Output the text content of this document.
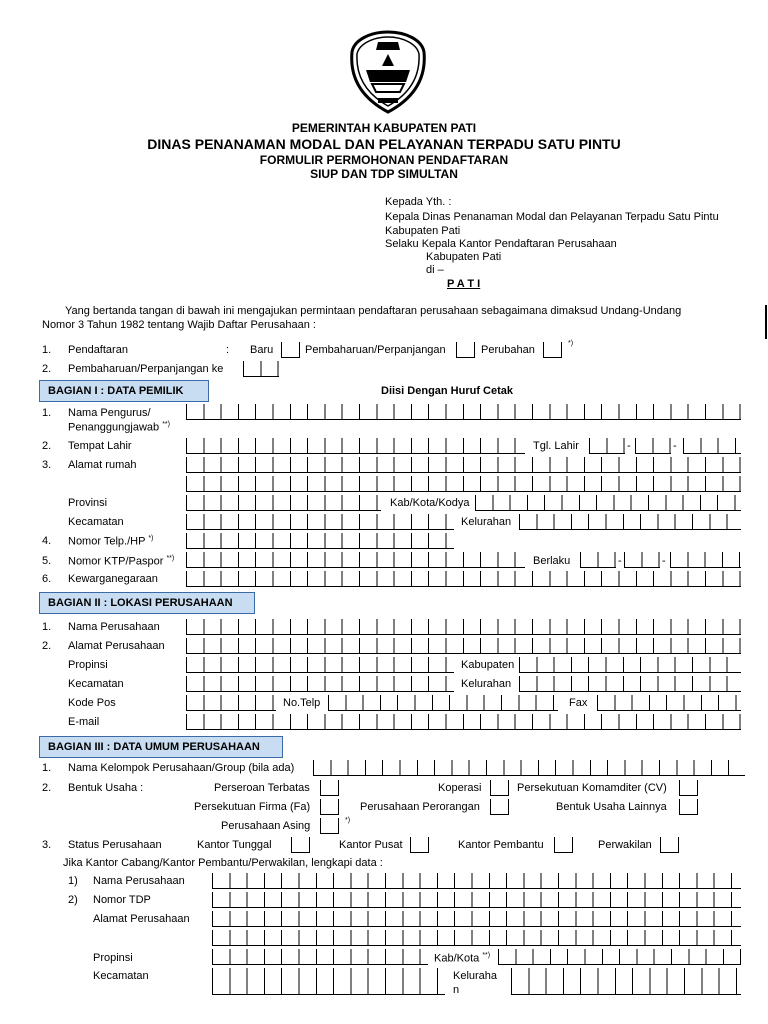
PEMERINTAH KABUPATEN PATI
DINAS PENANAMAN MODAL DAN PELAYANAN TERPADU SATU PINTU
FORMULIR PERMOHONAN PENDAFTARAN
SIUP DAN TDP SIMULTAN
Kepada Yth. :
Kepala Dinas Penanaman Modal dan Pelayanan Terpadu Satu Pintu
Kabupaten Pati
Selaku Kepala Kantor Pendaftaran Perusahaan
Kabupaten Pati
di –
P A T I
Yang bertanda tangan di bawah ini mengajukan permintaan pendaftaran perusahaan sebagaimana dimaksud Undang-Undang
Nomor 3 Tahun 1982 tentang Wajib Daftar Perusahaan :
1. Pendaftaran	: Baru	Pembaharuan/Perpanjangan	Perubahan
*)
2. Pembaharuan/Perpanjangan ke
BAGIAN I : DATA PEMILIK	Diisi Dengan Huruf Cetak
1. Nama Pengurus/
Penanggungjawab **)
2. Tempat Lahir	Tgl. Lahir	-	-
3. Alamat rumah
Provinsi	Kab/Kota/Kodya
Kecamatan	Kelurahan
4. Nomor Telp./HP *)
5. Nomor KTP/Paspor **)	Berlaku	-	-
6. Kewarganegaraan
BAGIAN II : LOKASI PERUSAHAAN
1. Nama Perusahaan
2. Alamat Perusahaan
Propinsi	Kabupaten
Kecamatan	Kelurahan
Kode Pos	No.Telp	Fax
E-mail
BAGIAN III : DATA UMUM PERUSAHAAN
1. Nama Kelompok Perusahaan/Group (bila ada)
2. Bentuk Usaha :	Perseroan Terbatas	Koperasi	Persekutuan Komamditer (CV)
Persekutuan Firma (Fa)	Perusahaan Perorangan	Bentuk Usaha Lainnya
Perusahaan Asing	*)
3. Status Perusahaan	Kantor Tunggal	Kantor Pusat	Kantor Pembantu	Perwakilan
Jika Kantor Cabang/Kantor Pembantu/Perwakilan, lengkapi data :
1) Nama Perusahaan
2) Nomor TDP
Alamat Perusahaan
Propinsi	Kab/Kota **)
Kecamatan	Keluraha
n
